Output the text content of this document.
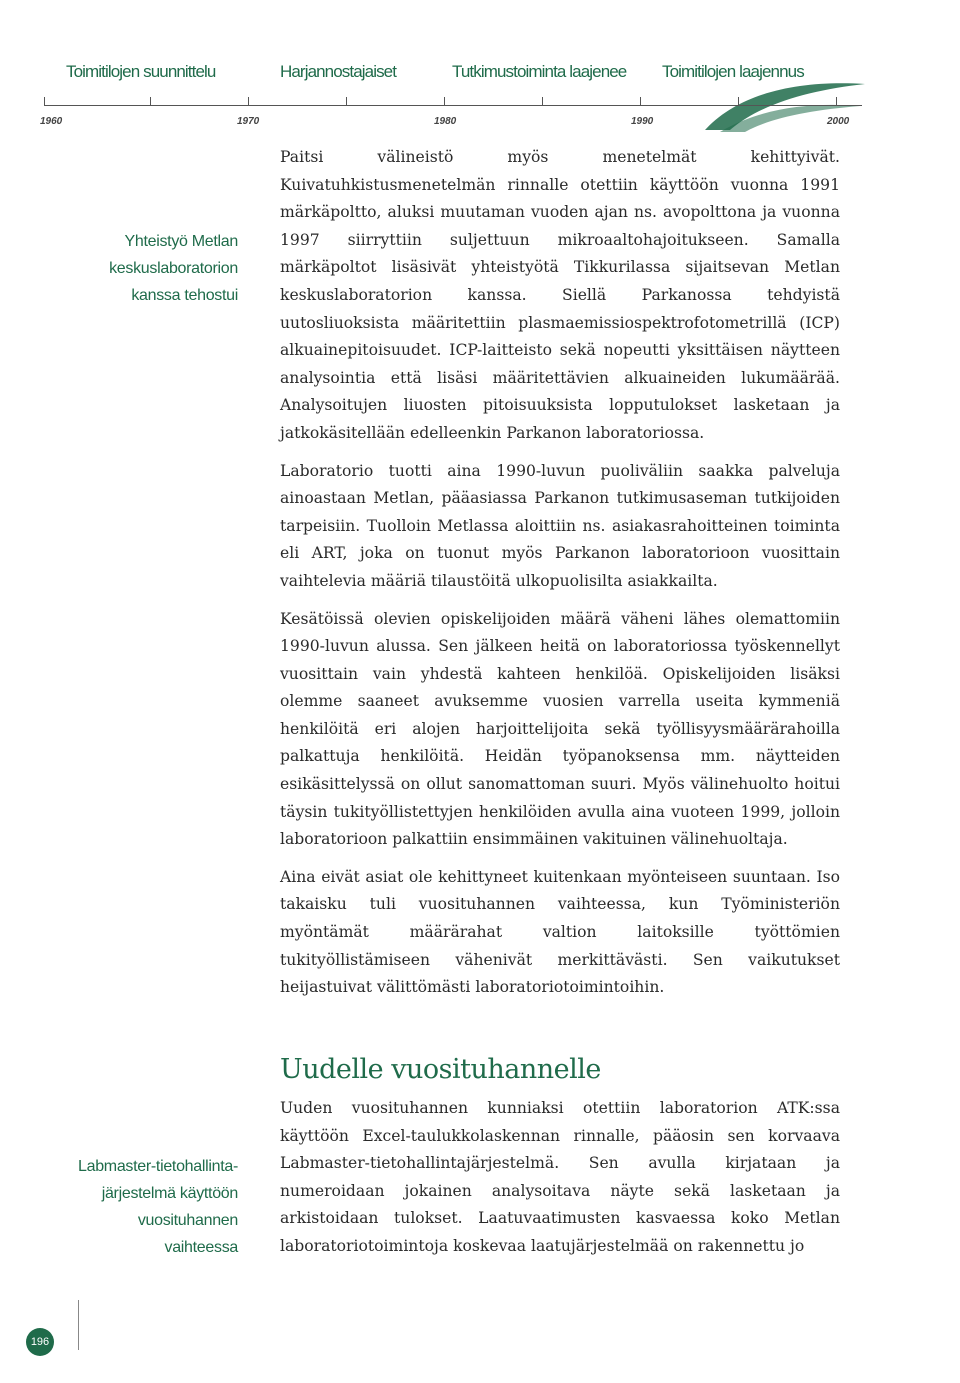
Toimitilojen suunnittelu	Harjannostajaiset	Tutkimustoiminta laajenee Toimitilojen laajennus
1960	1970	1980	1990	2000
Yhteistyö Metlan
keskuslaboratorion
kanssa tehostui
Labmaster-tietohallinta-
järjestelmä käyttöön
vuosituhannen
vaihteessa

Paitsi välineistö myös menetelmät kehittyivät. Kuivatuhkistusmenetelmän rinnalle otettiin käyttöön vuonna 1991 märkäpoltto, aluksi muutaman vuoden ajan ns. avopolttona ja vuonna 1997 siirryttiin suljettuun mikroaaltohajoitukseen. Samalla märkäpoltot lisäsivät yhteistyötä Tikkurilassa sijaitsevan Metlan keskuslaboratorion kanssa. Siellä Parkanossa tehdyistä uutosliuoksista määritettiin plasmaemissiospektrofotometrillä (ICP) alkuainepitoisuudet. ICP-laitteisto sekä nopeutti yksittäisen näytteen analysointia että lisäsi määritettävien alkuaineiden lukumäärää. Analysoitujen liuosten pitoisuuksista lopputulokset lasketaan ja jatkokäsitellään edelleenkin Parkanon laboratoriossa.

Laboratorio tuotti aina 1990-luvun puoliväliin saakka palveluja ainoastaan Metlan, pääasiassa Parkanon tutkimusaseman tutkijoiden tarpeisiin. Tuolloin Metlassa aloittiin ns. asiakasrahoitteinen toiminta eli ART, joka on tuonut myös Parkanon laboratorioon vuosittain vaihtelevia määriä tilaustöitä ulkopuolisilta asiakkailta.

Kesätöissä olevien opiskelijoiden määrä väheni lähes olemattomiin 1990-luvun alussa. Sen jälkeen heitä on laboratoriossa työskennellyt vuosittain vain yhdestä kahteen henkilöä. Opiskelijoiden lisäksi olemme saaneet avuksemme vuosien varrella useita kymmeniä henkilöitä eri alojen harjoittelijoita sekä työllisyysmäärärahoilla palkattuja henkilöitä. Heidän työpanoksensa mm. näytteiden esikäsittelyssä on ollut sanomattoman suuri. Myös välinehuolto hoitui täysin tukityöllistettyjen henkilöiden avulla aina vuoteen 1999, jolloin laboratorioon palkattiin ensimmäinen vakituinen välinehuoltaja.

Aina eivät asiat ole kehittyneet kuitenkaan myönteiseen suuntaan. Iso takaisku tuli vuosituhannen vaihteessa, kun Työministeriön myöntämät määrärahat valtion laitoksille työttömien tukityöllistämiseen vähenivät merkittävästi. Sen vaikutukset heijastuivat välittömästi laboratoriotoimintoihin.

Uudelle vuosituhannelle

Uuden vuosituhannen kunniaksi otettiin laboratorion ATK:ssa käyttöön Excel-taulukkolaskennan rinnalle, pääosin sen korvaava Labmaster-tietohallintajärjestelmä. Sen avulla kirjataan ja numeroidaan jokainen analysoitava näyte sekä lasketaan ja arkistoidaan tulokset. Laatuvaatimusten kasvaessa koko Metlan laboratoriotoimintoja koskevaa laatujärjestelmää on rakennettu jo

196
